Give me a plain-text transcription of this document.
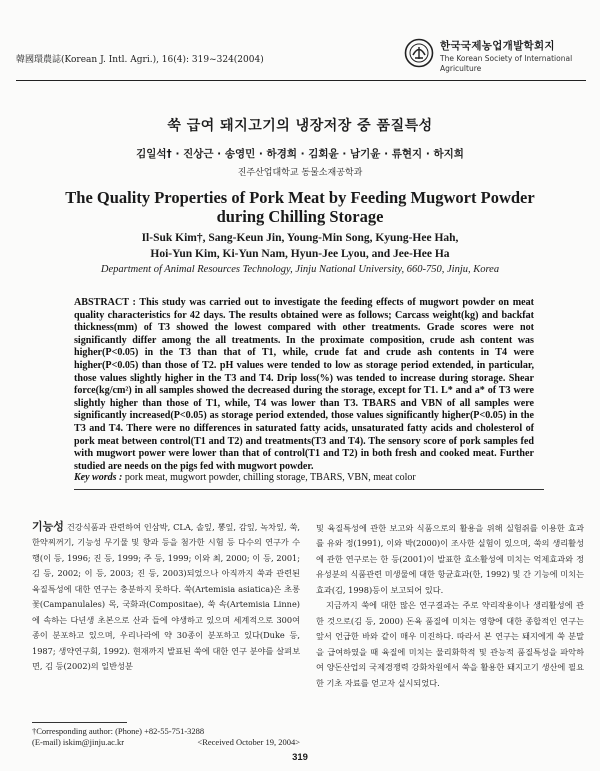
韓國環農誌(Korean J. Intl. Agri.), 16(4): 319~324(2004)
한국국제농업개발학회지
The Korean Society of International Agriculture
쑥 급여 돼지고기의 냉장저장 중 품질특성
김일석† · 진상근 · 송영민 · 하경희 · 김회윤 · 남기윤 · 류현지 · 하지희
진주산업대학교 동물소재공학과
The Quality Properties of Pork Meat by Feeding Mugwort Powder
during Chilling Storage
Il-Suk Kim†, Sang-Keun Jin, Young-Min Song, Kyung-Hee Hah,
Hoi-Yun Kim, Ki-Yun Nam, Hyun-Jee Lyou, and Jee-Hee Ha
Department of Animal Resources Technology, Jinju National University, 660-750, Jinju, Korea
ABSTRACT : This study was carried out to investigate the feeding effects of mugwort powder on meat quality characteristics for 42 days. The results obtained were as follows; Carcass weight(kg) and backfat thickness(mm) of T3 showed the lowest compared with other treatments. Grade scores were not significantly differ among the all treatments. In the proximate composition, crude ash content was higher(P<0.05) in the T3 than that of T1, while, crude fat and crude ash contents in T4 were higher(P<0.05) than those of T2. pH values were tended to low as storage period extended, in particular, those values slightly higher in the T3 and T4. Drip loss(%) was tended to increase during storage. Shear force(kg/cm²) in all samples showed the decreased during the storage, except for T1. L* and a* of T3 were slightly higher than those of T1, while, T4 was lower than T3. TBARS and VBN of all samples were significantly increased(P<0.05) as storage period extended, those values significantly higher(P<0.05) in the T3 and T4. There were no differences in saturated fatty acids, unsaturated fatty acids and cholesterol of pork meat between control(T1 and T2) and treatments(T3 and T4). The sensory score of pork samples fed with mugwort power were lower than that of control(T1 and T2) in both fresh and cooked meat. Further studied are needs on the pigs fed with mugwort powder.
Key words : pork meat, mugwort powder, chilling storage, TBARS, VBN, meat color

기능성 건강식품과 관련하여 인삼박, CLA, 솔잎, 뽕잎, 감잎, 녹차잎, 쑥, 한약찌꺼기, 기능성 무기물 및 향과 등을 첨가한 시험 등 다수의 연구가 수행(이 등, 1996; 진 등, 1999; 주 등, 1999; 이와 최, 2000; 이 등, 2001; 김 등, 2002; 이 등, 2003; 진 등, 2003)되었으나 아직까지 쑥과 관련된 육질특성에 대한 연구는 충분하지 못하다. 쑥(Artemisia asiatica)은 초롱꽃(Campanulales) 목, 국화과(Compositae), 쑥 속(Artemisia Linne)에 속하는 다년생 초본으로 산과 들에 야생하고 있으며 세계적으로 300여종이 분포하고 있으며, 우리나라에 약 30종이 분포하고 있다(Duke 등, 1987; 생약연구회, 1992). 현재까지 발표된 쑥에 대한 연구 분야를 살펴보면, 김 등(2002)의 일반성분

및 육질특성에 관한 보고와 식품으로의 활용을 위해 실험쥐를 이용한 효과를 유와 정(1991), 이와 박(2000)이 조사한 실험이 있으며, 쑥의 생리활성에 관한 연구로는 한 등(2001)이 발표한 효소활성에 미치는 억제효과와 정유성분의 식품관련 미생물에 대한 항균효과(한, 1992) 및 간 기능에 미치는 효과(김, 1998)등이 보고되어 있다.

지금까지 쑥에 대한 많은 연구결과는 주로 약리작용이나 생리활성에 관한 것으로(김 등, 2000) 돈육 품질에 미치는 영향에 대한 종합적인 연구는 앞서 언급한 바와 같이 매우 미진하다. 따라서 본 연구는 돼지에게 쑥 분말을 급여하였을 때 육질에 미치는 물리화학적 및 관능적 품질특성을 파악하여 양돈산업의 국제경쟁력 강화차원에서 쑥을 활용한 돼지고기 생산에 필요한 기초 자료를 얻고자 실시되었다.

†Corresponding author: (Phone) +82-55-751-3288
(E-mail) iskim@jinju.ac.kr	<Received October 19, 2004>
319
